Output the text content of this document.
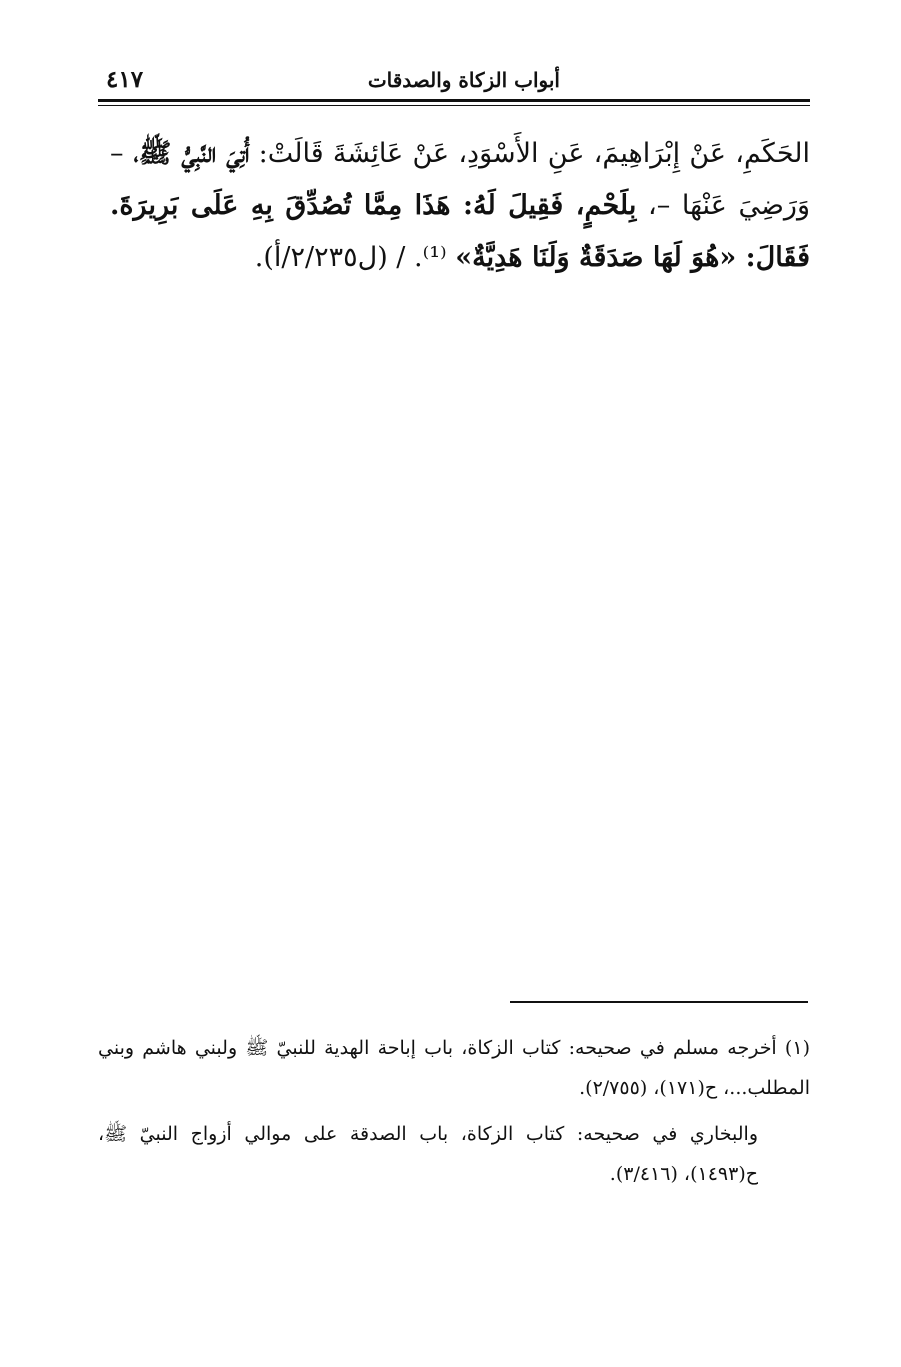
أبواب الزكاة والصدقات
٤١٧
الحَكَمِ، عَنْ إِبْرَاهِيمَ، عَنِ الأَسْوَدِ، عَنْ عَائِشَةَ قَالَتْ: أُتِيَ النَّبِيُّ ﷺ، – وَرَضِيَ عَنْهَا –، بِلَحْمٍ، فَقِيلَ لَهُ: هَذَا مِمَّا تُصُدِّقَ بِهِ عَلَى بَرِيرَةَ. فَقَالَ: «هُوَ لَهَا صَدَقَةٌ وَلَنَا هَدِيَّةٌ» ⁽¹⁾. / (ل٢/٢٣٥/أ).

(١) أخرجه مسلم في صحيحه: كتاب الزكاة، باب إباحة الهدية للنبيّ ﷺ ولبني هاشم وبني المطلب...، ح(١٧١)، (٢/٧٥٥).

والبخاري في صحيحه: كتاب الزكاة، باب الصدقة على موالي أزواج النبيّ ﷺ، ح(١٤٩٣)، (٣/٤١٦).
